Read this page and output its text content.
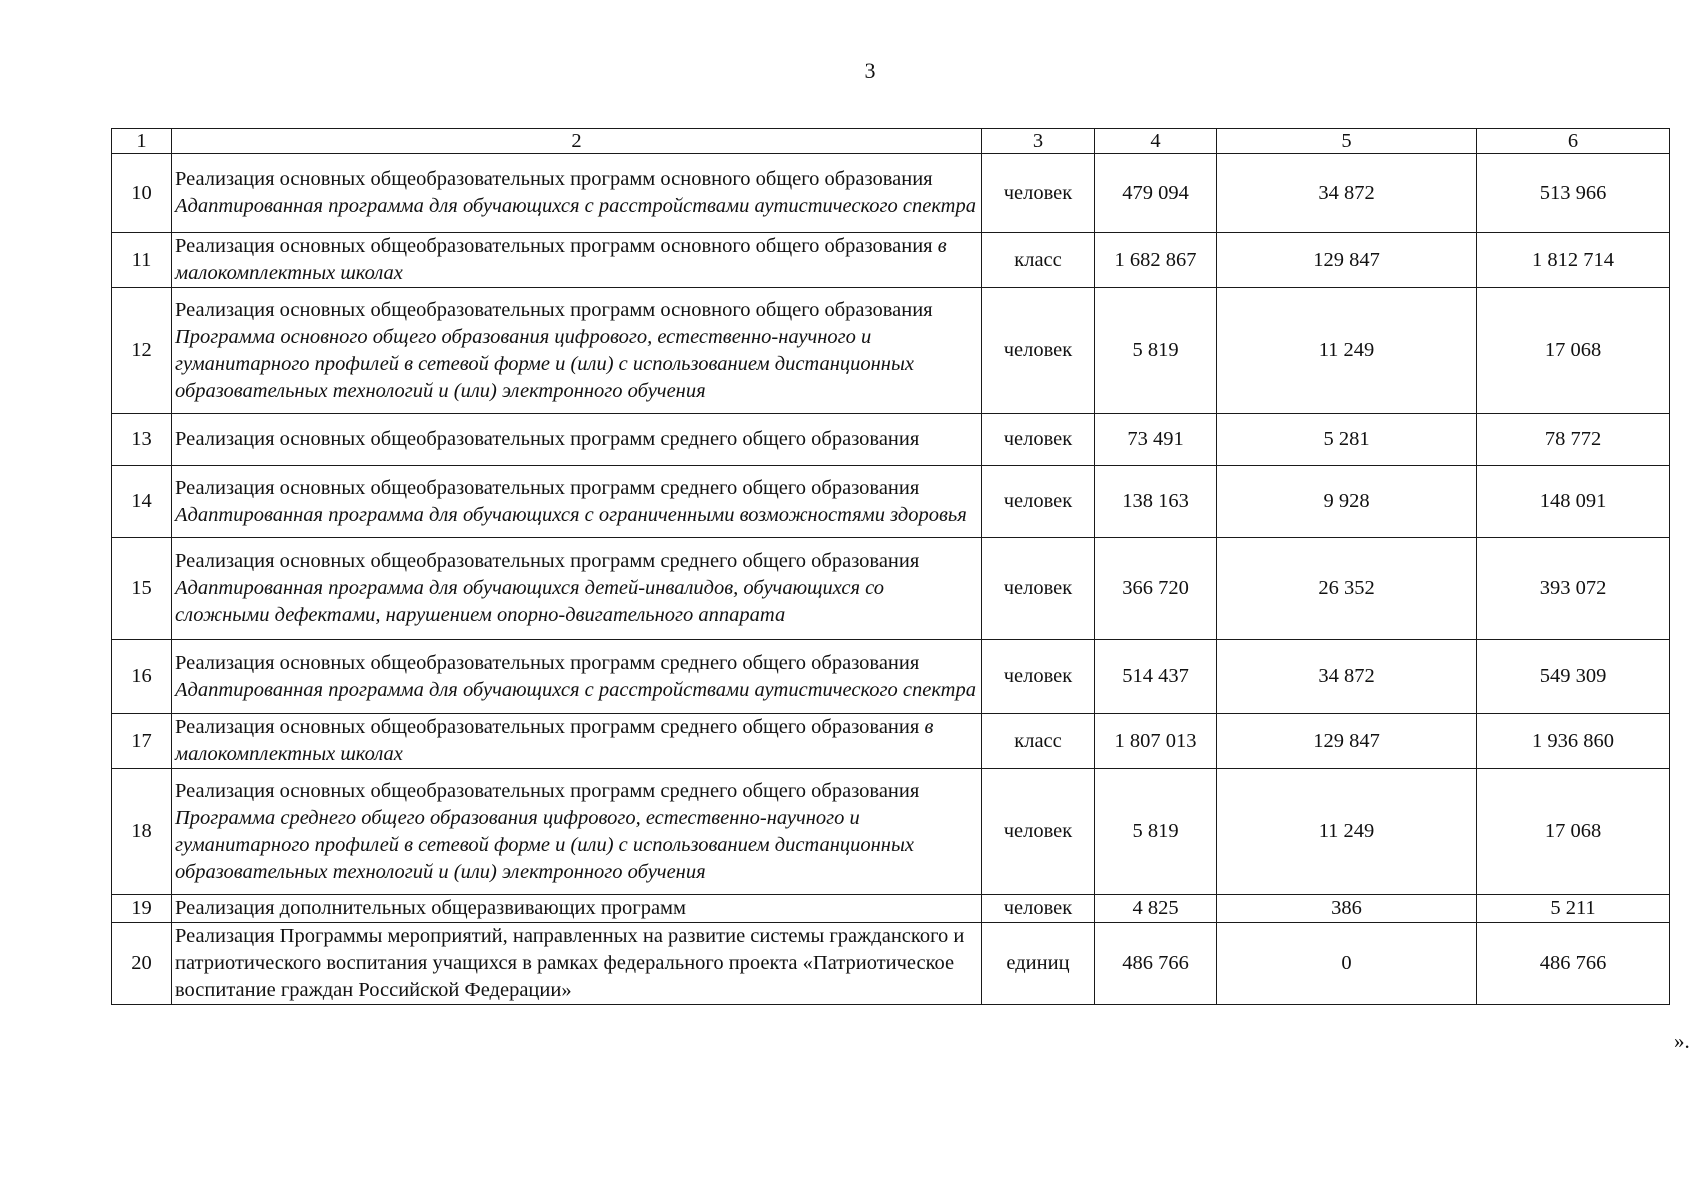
3
1	2	3	4	5	6
10	Реализация основных общеобразовательных программ основного общего образования Адаптированная программа для обучающихся с расстройствами аутистического спектра	человек	479 094	34 872	513 966
11	Реализация основных общеобразовательных программ основного общего образования в малокомплектных школах	класс	1 682 867	129 847	1 812 714
12	Реализация основных общеобразовательных программ основного общего образования Программа основного общего образования цифрового, естественно-научного и гуманитарного профилей в сетевой форме и (или) с использованием дистанционных образовательных технологий и (или) электронного обучения	человек	5 819	11 249	17 068
13	Реализация основных общеобразовательных программ среднего общего образования	человек	73 491	5 281	78 772
14	Реализация основных общеобразовательных программ среднего общего образования Адаптированная программа для обучающихся с ограниченными возможностями здоровья	человек	138 163	9 928	148 091
15	Реализация основных общеобразовательных программ среднего общего образования Адаптированная программа для обучающихся детей-инвалидов, обучающихся со сложными дефектами, нарушением опорно-двигательного аппарата	человек	366 720	26 352	393 072
16	Реализация основных общеобразовательных программ среднего общего образования Адаптированная программа для обучающихся с расстройствами аутистического спектра	человек	514 437	34 872	549 309
17	Реализация основных общеобразовательных программ среднего общего образования в малокомплектных школах	класс	1 807 013	129 847	1 936 860
18	Реализация основных общеобразовательных программ среднего общего образования Программа среднего общего образования цифрового, естественно-научного и гуманитарного профилей в сетевой форме и (или) с использованием дистанционных образовательных технологий и (или) электронного обучения	человек	5 819	11 249	17 068
19	Реализация дополнительных общеразвивающих программ	человек	4 825	386	5 211
20	Реализация Программы мероприятий, направленных на развитие системы гражданского и патриотического воспитания учащихся в рамках федерального проекта «Патриотическое воспитание граждан Российской Федерации»	единиц	486 766	0	486 766
».
